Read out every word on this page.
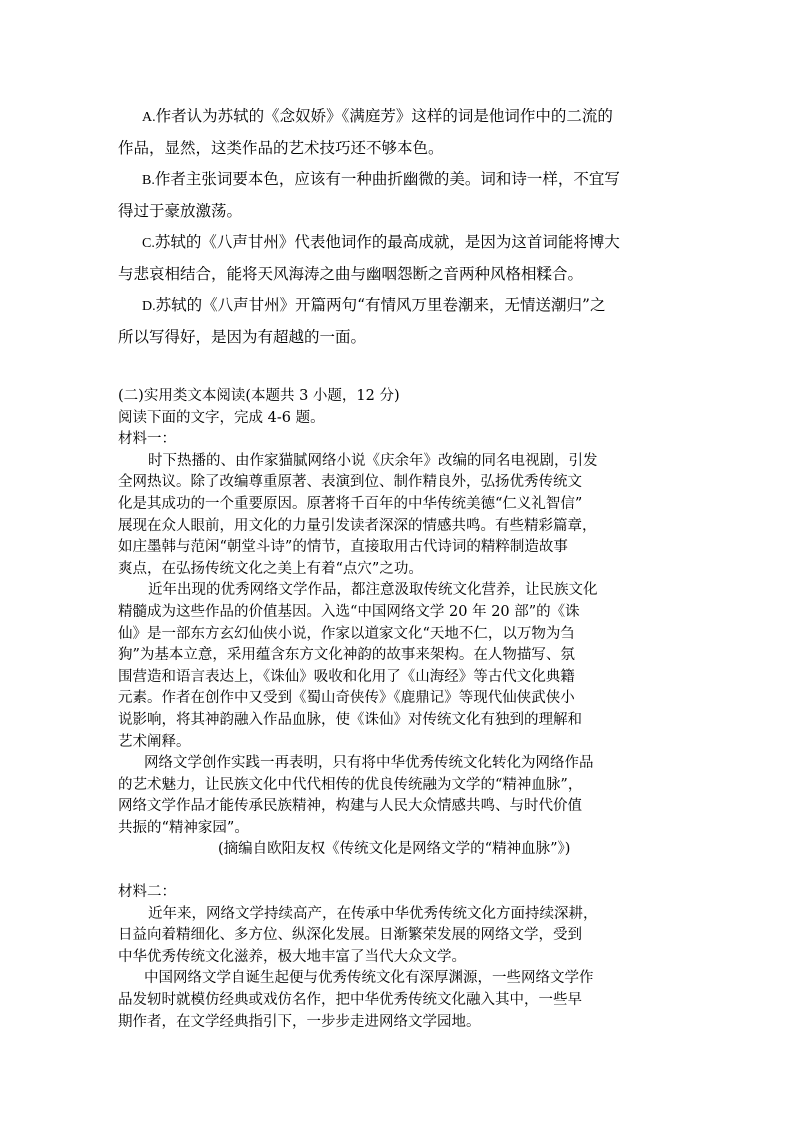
A.作者认为苏轼的《念奴娇》《满庭芳》这样的词是他词作中的二流的

作品，显然，这类作品的艺术技巧还不够本色。

B.作者主张词要本色，应该有一种曲折幽微的美。词和诗一样，不宜写

得过于豪放激荡。

C.苏轼的《八声甘州》代表他词作的最高成就，是因为这首词能将博大

与悲哀相结合，能将天风海涛之曲与幽咽怨断之音两种风格相糅合。

D.苏轼的《八声甘州》开篇两句“有情风万里卷潮来，无情送潮归”之

所以写得好，是因为有超越的一面。

(二)实用类文本阅读(本题共 3 小题，12 分)

阅读下面的文字，完成 4-6 题。

材料一：

时下热播的、由作家猫腻网络小说《庆余年》改编的同名电视剧，引发

全网热议。除了改编尊重原著、表演到位、制作精良外，弘扬优秀传统文

化是其成功的一个重要原因。原著将千百年的中华传统美德“仁义礼智信”

展现在众人眼前，用文化的力量引发读者深深的情感共鸣。有些精彩篇章，

如庄墨韩与范闲“朝堂斗诗”的情节，直接取用古代诗词的精粹制造故事

爽点，在弘扬传统文化之美上有着“点穴”之功。

近年出现的优秀网络文学作品，都注意汲取传统文化营养，让民族文化

精髓成为这些作品的价值基因。入选“中国网络文学 20 年 20 部”的《诛

仙》是一部东方玄幻仙侠小说，作家以道家文化“天地不仁，以万物为刍

狗”为基本立意，采用蕴含东方文化神韵的故事来架构。在人物描写、氛

围营造和语言表达上，《诛仙》吸收和化用了《山海经》等古代文化典籍

元素。作者在创作中又受到《蜀山奇侠传》《鹿鼎记》等现代仙侠武侠小

说影响，将其神韵融入作品血脉，使《诛仙》对传统文化有独到的理解和

艺术阐释。

网络文学创作实践一再表明，只有将中华优秀传统文化转化为网络作品

的艺术魅力，让民族文化中代代相传的优良传统融为文学的“精神血脉”，

网络文学作品才能传承民族精神，构建与人民大众情感共鸣、与时代价值

共振的“精神家园”。

(摘编自欧阳友权《传统文化是网络文学的“精神血脉”》)

材料二：

近年来，网络文学持续高产，在传承中华优秀传统文化方面持续深耕，

日益向着精细化、多方位、纵深化发展。日渐繁荣发展的网络文学，受到

中华优秀传统文化滋养，极大地丰富了当代大众文学。

中国网络文学自诞生起便与优秀传统文化有深厚渊源，一些网络文学作

品发轫时就模仿经典或戏仿名作，把中华优秀传统文化融入其中，一些早

期作者，在文学经典指引下，一步步走进网络文学园地。
